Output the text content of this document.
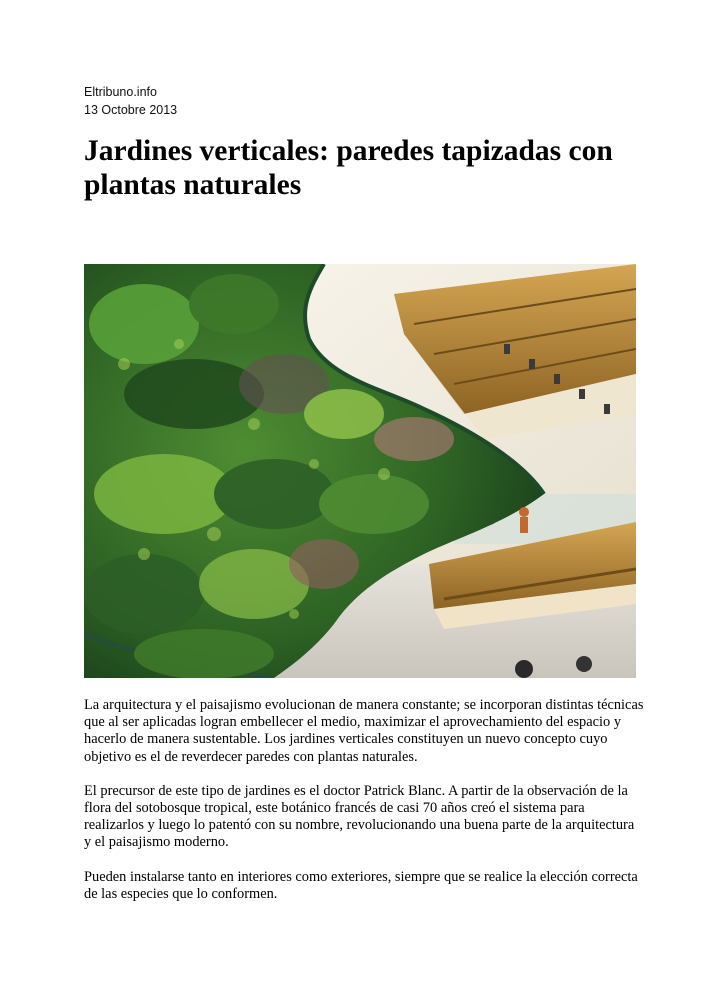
Eltribuno.info
13 Octobre 2013
Jardines verticales: paredes tapizadas con plantas naturales

La arquitectura y el paisajismo evolucionan de manera constante; se incorporan distintas técnicas que al ser aplicadas logran embellecer el medio, maximizar el aprovechamiento del espacio y hacerlo de manera sustentable. Los jardines verticales constituyen un nuevo concepto cuyo objetivo es el de reverdecer paredes con plantas naturales.

El precursor de este tipo de jardines es el doctor Patrick Blanc. A partir de la observación de la flora del sotobosque tropical, este botánico francés de casi 70 años creó el sistema para realizarlos y luego lo patentó con su nombre, revolucionando una buena parte de la arquitectura y el paisajismo moderno.

Pueden instalarse tanto en interiores como exteriores, siempre que se realice la elección correcta de las especies que lo conformen.
